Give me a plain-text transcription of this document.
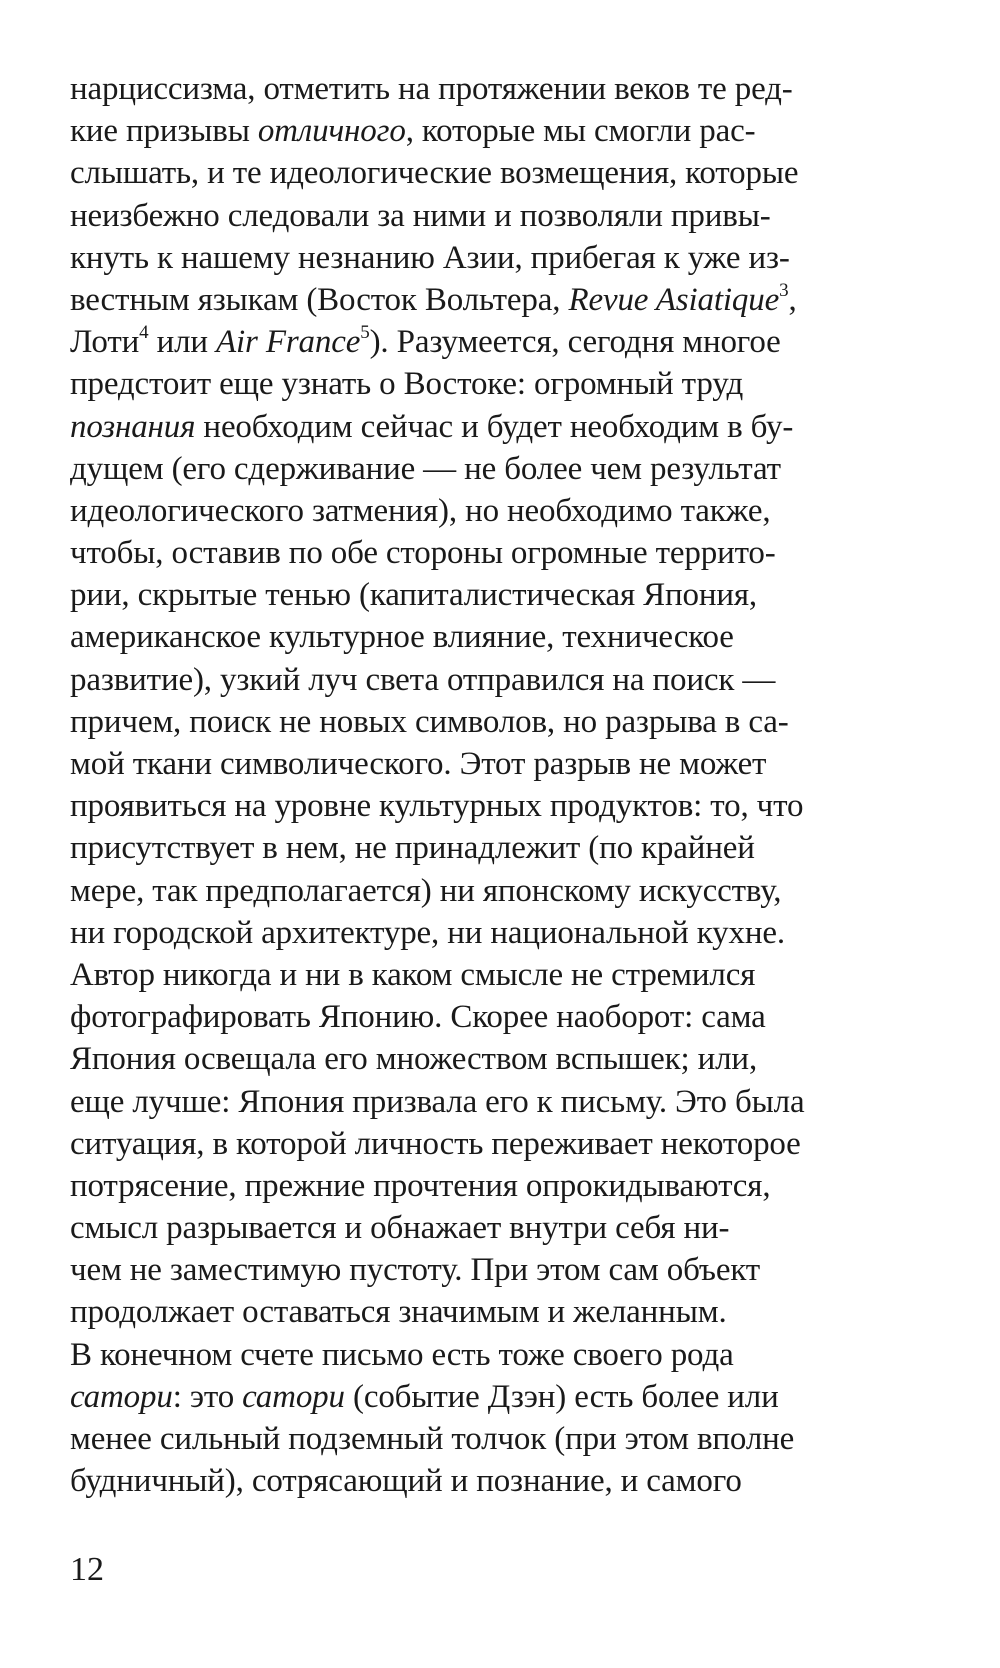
нарциссизма, отметить на протяжении веков те ред-
кие призывы отличного, которые мы смогли рас-
слышать, и те идеологические возмещения, которые
неизбежно следовали за ними и позволяли привы-
кнуть к нашему незнанию Азии, прибегая к уже из-
вестным языкам (Восток Вольтера, Revue Asiatique$^3$,
Лоти$^4$ или Air France$^5$). Разумеется, сегодня многое
предстоит еще узнать о Востоке: огромный труд
познания необходим сейчас и будет необходим в бу-
дущем (его сдерживание — не более чем результат
идеологического затмения), но необходимо также,
чтобы, оставив по обе стороны огромные террито-
рии, скрытые тенью (капиталистическая Япония,
американское культурное влияние, техническое
развитие), узкий луч света отправился на поиск —
причем, поиск не новых символов, но разрыва в са-
мой ткани символического. Этот разрыв не может
проявиться на уровне культурных продуктов: то, что
присутствует в нем, не принадлежит (по крайней
мере, так предполагается) ни японскому искусству,
ни городской архитектуре, ни национальной кухне.
Автор никогда и ни в каком смысле не стремился
фотографировать Японию. Скорее наоборот: сама
Япония освещала его множеством вспышек; или,
еще лучше: Япония призвала его к письму. Это была
ситуация, в которой личность переживает некоторое
потрясение, прежние прочтения опрокидываются,
смысл разрывается и обнажает внутри себя ни-
чем не заместимую пустоту. При этом сам объект
продолжает оставаться значимым и желанным.
В конечном счете письмо есть тоже своего рода
сатори: это сатори (событие Дзэн) есть более или
менее сильный подземный толчок (при этом вполне
будничный), сотрясающий и познание, и самого
12
